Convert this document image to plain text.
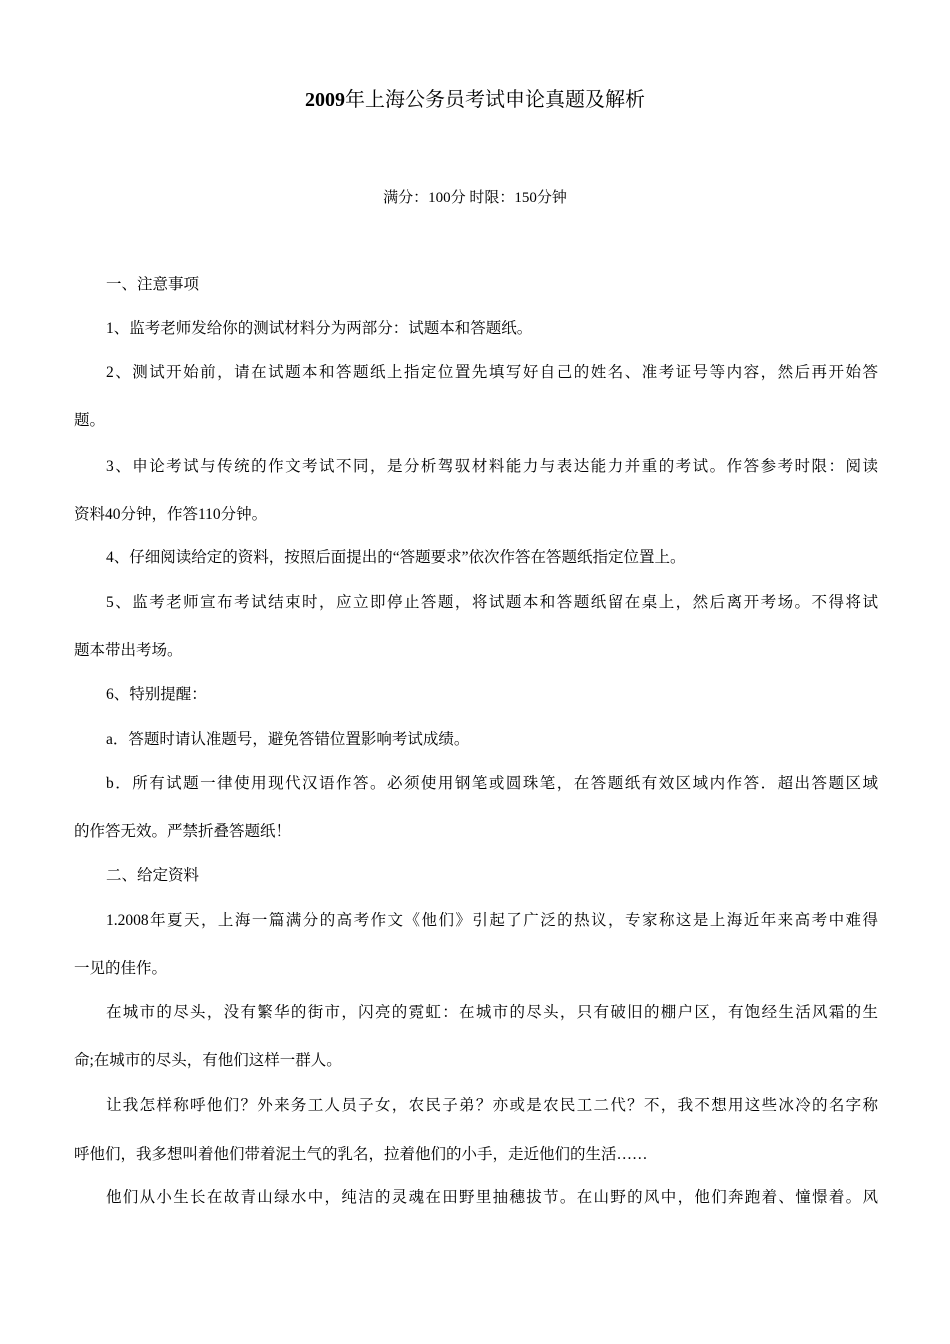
2009年上海公务员考试申论真题及解析
满分：100分 时限：150分钟
一、注意事项
1、监考老师发给你的测试材料分为两部分：试题本和答题纸。
2、测试开始前，请在试题本和答题纸上指定位置先填写好自己的姓名、准考证号等内容，然后再开始答
题。
3、申论考试与传统的作文考试不同，是分析驾驭材料能力与表达能力并重的考试。作答参考时限：阅读
资料40分钟，作答110分钟。
4、仔细阅读给定的资料，按照后面提出的“答题要求”依次作答在答题纸指定位置上。
5、监考老师宣布考试结束时，应立即停止答题，将试题本和答题纸留在桌上，然后离开考场。不得将试
题本带出考场。
6、特别提醒：
a．答题时请认准题号，避免答错位置影响考试成绩。
b．所有试题一律使用现代汉语作答。必须使用钢笔或圆珠笔，在答题纸有效区域内作答．超出答题区域
的作答无效。严禁折叠答题纸！
二、给定资料
1.2008年夏天，上海一篇满分的高考作文《他们》引起了广泛的热议，专家称这是上海近年来高考中难得
一见的佳作。
在城市的尽头，没有繁华的街市，闪亮的霓虹：在城市的尽头，只有破旧的棚户区，有饱经生活风霜的生
命;在城市的尽头，有他们这样一群人。
让我怎样称呼他们？外来务工人员子女，农民子弟？亦或是农民工二代？不，我不想用这些冰冷的名字称
呼他们，我多想叫着他们带着泥土气的乳名，拉着他们的小手，走近他们的生活……
他们从小生长在故青山绿水中，纯洁的灵魂在田野里抽穗拔节。在山野的风中，他们奔跑着、憧憬着。风
